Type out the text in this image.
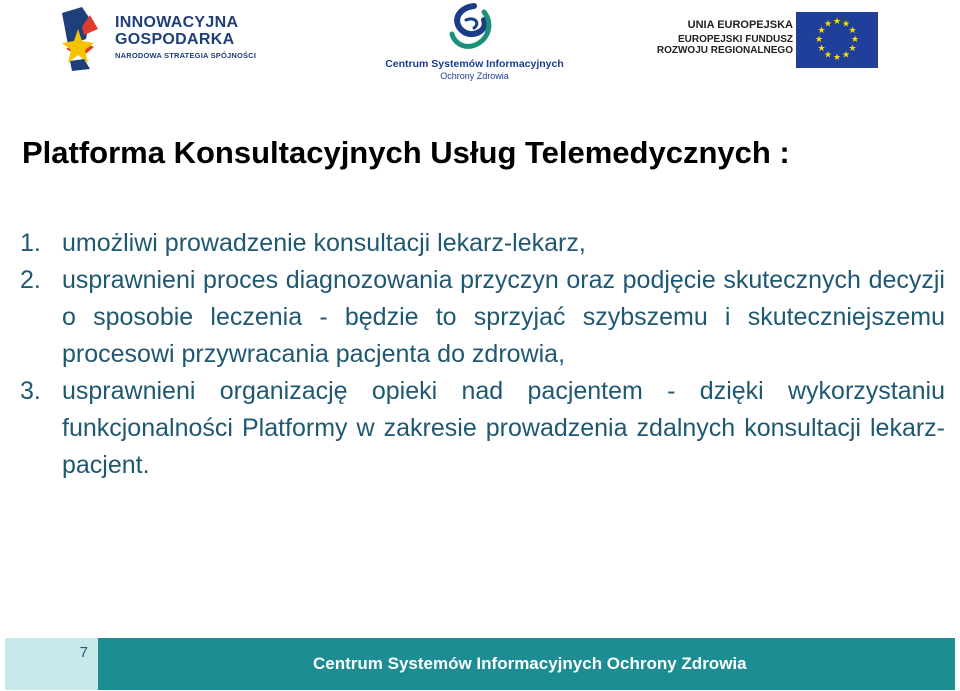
INNOWACYJNA
GOSPODARKA
NARODOWA STRATEGIA SPÓJNOŚCI
Centrum Systemów Informacyjnych
Ochrony Zdrowia
UNIA EUROPEJSKA
EUROPEJSKI FUNDUSZ
ROZWOJU REGIONALNEGO
★ ★
★
★
★
★
★
★
★
★
★
★
Platforma Konsultacyjnych Usług Telemedycznych :
1. umożliwi prowadzenie konsultacji lekarz-lekarz,
2. usprawnieni proces diagnozowania przyczyn oraz podjęcie skutecznych decyzji o sposobie leczenia - będzie to sprzyjać szybszemu i skuteczniejszemu procesowi przywracania pacjenta do zdrowia,
3. usprawnieni organizację opieki nad pacjentem - dzięki wykorzystaniu funkcjonalności Platformy w zakresie prowadzenia zdalnych konsultacji lekarz-pacjent.
7
Centrum Systemów Informacyjnych Ochrony Zdrowia
